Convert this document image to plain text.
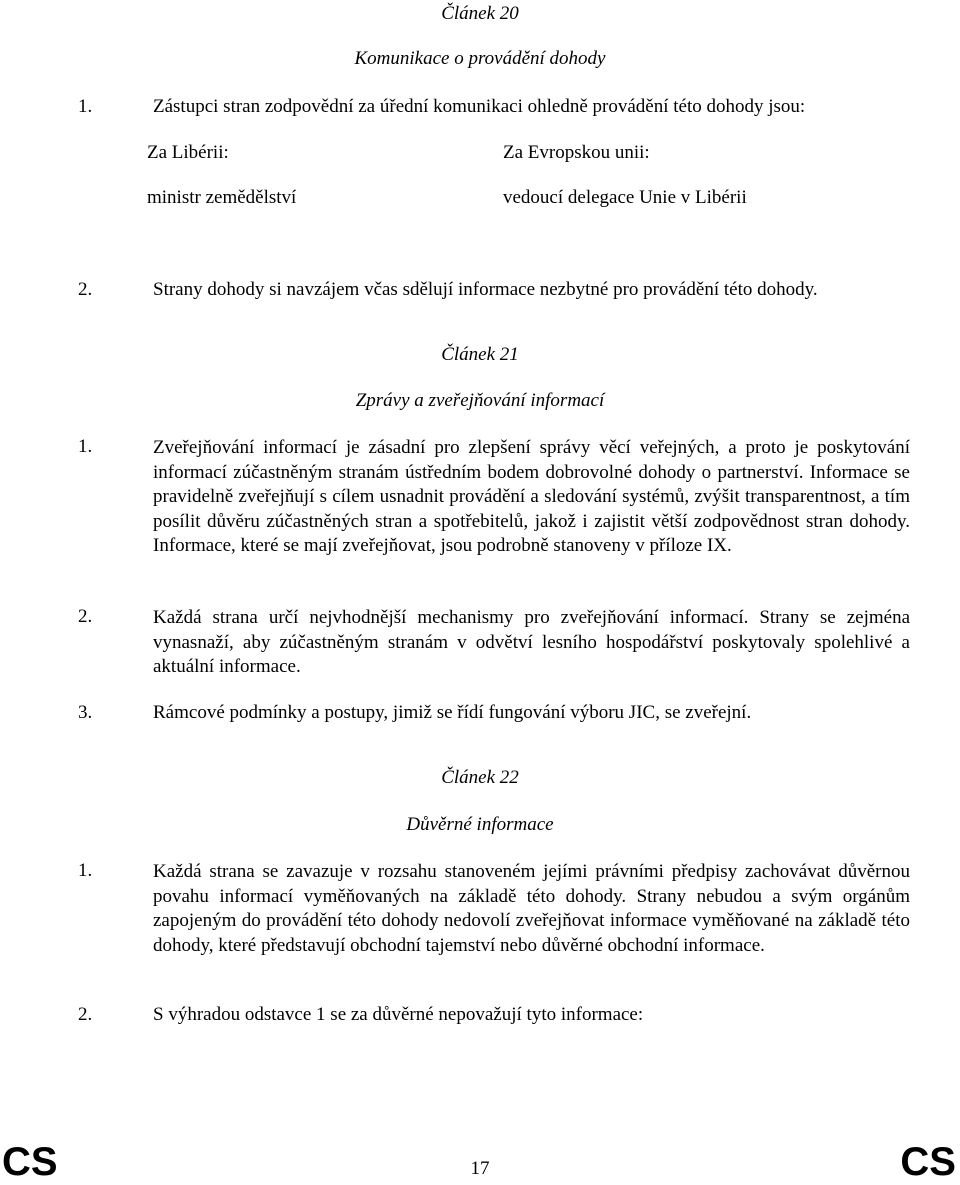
Článek 20
Komunikace o provádění dohody
1.	Zástupci stran zodpovědní za úřední komunikaci ohledně provádění této dohody jsou:
Za Libérii:	Za Evropskou unii:
ministr zemědělství	vedoucí delegace Unie v Libérii
2.	Strany dohody si navzájem včas sdělují informace nezbytné pro provádění této dohody.
Článek 21
Zprávy a zveřejňování informací
1.	Zveřejňování informací je zásadní pro zlepšení správy věcí veřejných, a proto je poskytování informací zúčastněným stranám ústředním bodem dobrovolné dohody o partnerství. Informace se pravidelně zveřejňují s cílem usnadnit provádění a sledování systémů, zvýšit transparentnost, a tím posílit důvěru zúčastněných stran a spotřebitelů, jakož i zajistit větší zodpovědnost stran dohody. Informace, které se mají zveřejňovat, jsou podrobně stanoveny v příloze IX.
2.	Každá strana určí nejvhodnější mechanismy pro zveřejňování informací. Strany se zejména vynasnaží, aby zúčastněným stranám v odvětví lesního hospodářství poskytovaly spolehlivé a aktuální informace.
3.	Rámcové podmínky a postupy, jimiž se řídí fungování výboru JIC, se zveřejní.
Článek 22
Důvěrné informace
1.	Každá strana se zavazuje v rozsahu stanoveném jejími právními předpisy zachovávat důvěrnou povahu informací vyměňovaných na základě této dohody. Strany nebudou a svým orgánům zapojeným do provádění této dohody nedovolí zveřejňovat informace vyměňované na základě této dohody, které představují obchodní tajemství nebo důvěrné obchodní informace.
2.	S výhradou odstavce 1 se za důvěrné nepovažují tyto informace:
CS	17	CS
